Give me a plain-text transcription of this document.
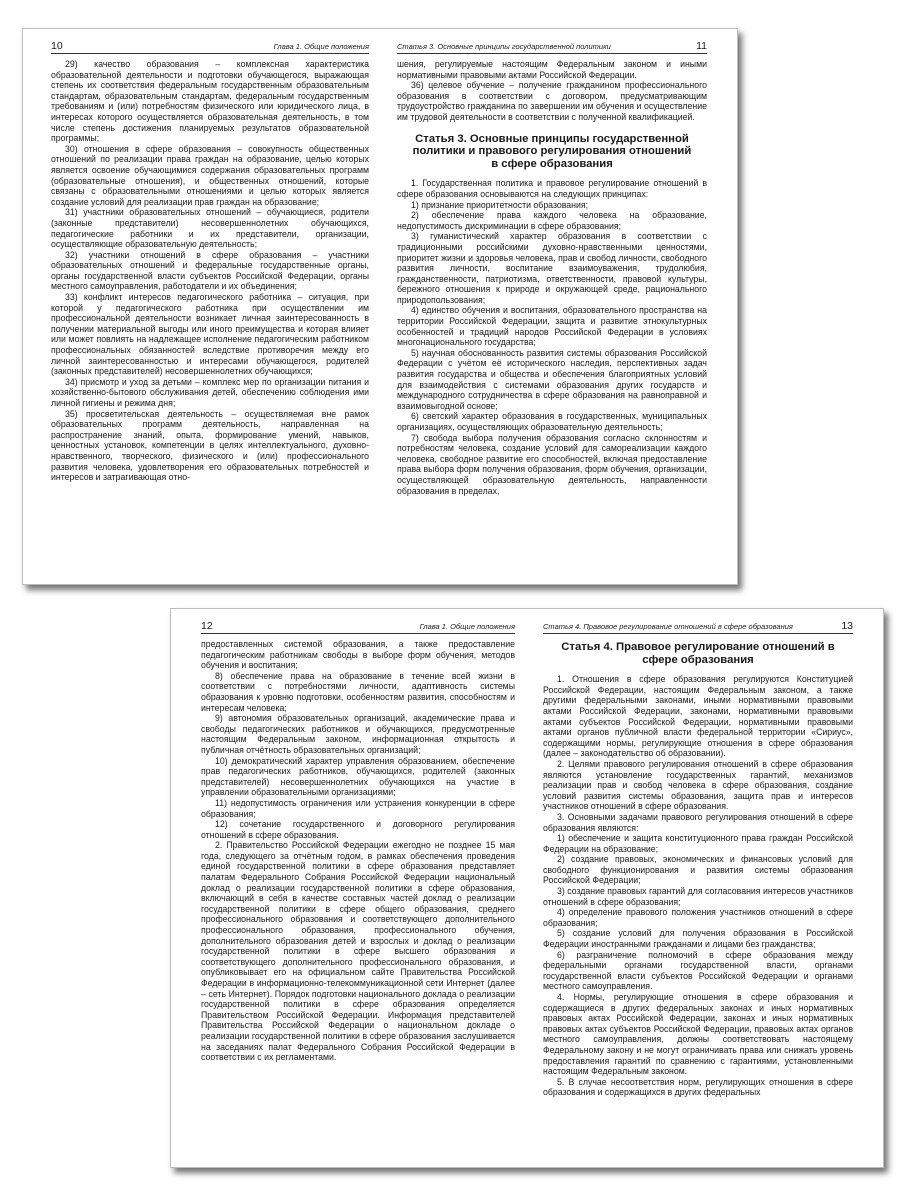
10	Глава 1. Общие положения

29) качество образования – комплексная характеристика образовательной деятельности и подготовки обучающегося, выражающая степень их соответствия федеральным государственным образовательным стандартам, образовательным стандартам, федеральным государственным требованиям и (или) потребностям физического или юридического лица, в интересах которого осуществляется образовательная деятельность, в том числе степень достижения планируемых результатов образовательной программы;

30) отношения в сфере образования – совокупность общественных отношений по реализации права граждан на образование, целью которых является освоение обучающимися содержания образовательных программ (образовательные отношения), и общественных отношений, которые связаны с образовательными отношениями и целью которых является создание условий для реализации прав граждан на образование;

31) участники образовательных отношений – обучающиеся, родители (законные представители) несовершеннолетних обучающихся, педагогические работники и их представители, организации, осуществляющие образовательную деятельность;

32) участники отношений в сфере образования – участники образовательных отношений и федеральные государственные органы, органы государственной власти субъектов Российской Федерации, органы местного самоуправления, работодатели и их объединения;

33) конфликт интересов педагогического работника – ситуация, при которой у педагогического работника при осуществлении им профессиональной деятельности возникает личная заинтересованность в получении материальной выгоды или иного преимущества и которая влияет или может повлиять на надлежащее исполнение педагогическим работником профессиональных обязанностей вследствие противоречия между его личной заинтересованностью и интересами обучающегося, родителей (законных представителей) несовершеннолетних обучающихся;

34) присмотр и уход за детьми – комплекс мер по организации питания и хозяйственно-бытового обслуживания детей, обеспечению соблюдения ими личной гигиены и режима дня;

35) просветительская деятельность – осуществляемая вне рамок образовательных программ деятельность, направленная на распространение знаний, опыта, формирование умений, навыков, ценностных установок, компетенции в целях интеллектуального, духовно-нравственного, творческого, физического и (или) профессионального развития человека, удовлетворения его образовательных потребностей и интересов и затрагивающая отно-

11
Статья 3. Основные принципы государственной политики

шения, регулируемые настоящим Федеральным законом и иными нормативными правовыми актами Российской Федерации.

36) целевое обучение – получение гражданином профессионального образования в соответствии с договором, предусматривающим трудоустройство гражданина по завершении им обучения и осуществление им трудовой деятельности в соответствии с полученной квалификацией.

Статья 3. Основные принципы государственной политики и правового регулирования отношений в сфере образования

1. Государственная политика и правовое регулирование отношений в сфере образования основываются на следующих принципах:

1) признание приоритетности образования;

2) обеспечение права каждого человека на образование, недопустимость дискриминации в сфере образования;

3) гуманистический характер образования в соответствии с традиционными российскими духовно-нравственными ценностями, приоритет жизни и здоровья человека, прав и свобод личности, свободного развития личности, воспитание взаимоуважения, трудолюбия, гражданственности, патриотизма, ответственности, правовой культуры, бережного отношения к природе и окружающей среде, рационального природопользования;

4) единство обучения и воспитания, образовательного пространства на территории Российской Федерации, защита и развитие этнокультурных особенностей и традиций народов Российской Федерации в условиях многонационального государства;

5) научная обоснованность развития системы образования Российской Федерации с учётом её исторического наследия, перспективных задач развития государства и общества и обеспечения благоприятных условий для взаимодействия с системами образования других государств и международного сотрудничества в сфере образования на равноправной и взаимовыгодной основе;

6) светский характер образования в государственных, муниципальных организациях, осуществляющих образовательную деятельность;

7) свобода выбора получения образования согласно склонностям и потребностям человека, создание условий для самореализации каждого человека, свободное развитие его способностей, включая предоставление права выбора форм получения образования, форм обучения, организации, осуществляющей образовательную деятельность, направленности образования в пределах,

12	Глава 1. Общие положения

предоставленных системой образования, а также предоставление педагогическим работникам свободы в выборе форм обучения, методов обучения и воспитания;

8) обеспечение права на образование в течение всей жизни в соответствии с потребностями личности, адаптивность системы образования к уровню подготовки, особенностям развития, способностям и интересам человека;

9) автономия образовательных организаций, академические права и свободы педагогических работников и обучающихся, предусмотренные настоящим Федеральным законом, информационная открытость и публичная отчётность образовательных организаций;

10) демократический характер управления образованием, обеспечение прав педагогических работников, обучающихся, родителей (законных представителей) несовершеннолетних обучающихся на участие в управлении образовательными организациями;

11) недопустимость ограничения или устранения конкуренции в сфере образования;

12) сочетание государственного и договорного регулирования отношений в сфере образования.

2. Правительство Российской Федерации ежегодно не позднее 15 мая года, следующего за отчётным годом, в рамках обеспечения проведения единой государственной политики в сфере образования представляет палатам Федерального Собрания Российской Федерации национальный доклад о реализации государственной политики в сфере образования, включающий в себя в качестве составных частей доклад о реализации государственной политики в сфере общего образования, среднего профессионального образования и соответствующего дополнительного профессионального образования, профессионального обучения, дополнительного образования детей и взрослых и доклад о реализации государственной политики в сфере высшего образования и соответствующего дополнительного профессионального образования, и опубликовывает его на официальном сайте Правительства Российской Федерации в информационно-телекоммуникационной сети Интернет (далее – сеть Интернет). Порядок подготовки национального доклада о реализации государственной политики в сфере образования определяется Правительством Российской Федерации. Информация представителей Правительства Российской Федерации о национальном докладе о реализации государственной политики в сфере образования заслушивается на заседаниях палат Федерального Собрания Российской Федерации в соответствии с их регламентами.

13
Статья 4. Правовое регулирование отношений в сфере образования
Статья 4. Правовое регулирование отношений в сфере образования

1. Отношения в сфере образования регулируются Конституцией Российской Федерации, настоящим Федеральным законом, а также другими федеральными законами, иными нормативными правовыми актами Российской Федерации, законами, нормативными правовыми актами субъектов Российской Федерации, нормативными правовыми актами органов публичной власти федеральной территории «Сириус», содержащими нормы, регулирующие отношения в сфере образования (далее – законодательство об образовании).

2. Целями правового регулирования отношений в сфере образования являются установление государственных гарантий, механизмов реализации прав и свобод человека в сфере образования, создание условий развития системы образования, защита прав и интересов участников отношений в сфере образования.

3. Основными задачами правового регулирования отношений в сфере образования являются:

1) обеспечение и защита конституционного права граждан Российской Федерации на образование;

2) создание правовых, экономических и финансовых условий для свободного функционирования и развития системы образования Российской Федерации;

3) создание правовых гарантий для согласования интересов участников отношений в сфере образования;

4) определение правового положения участников отношений в сфере образования;

5) создание условий для получения образования в Российской Федерации иностранными гражданами и лицами без гражданства;

6) разграничение полномочий в сфере образования между федеральными органами государственной власти, органами государственной власти субъектов Российской Федерации и органами местного самоуправления.

4. Нормы, регулирующие отношения в сфере образования и содержащиеся в других федеральных законах и иных нормативных правовых актах Российской Федерации, законах и иных нормативных правовых актах субъектов Российской Федерации, правовых актах органов местного самоуправления, должны соответствовать настоящему Федеральному закону и не могут ограничивать права или снижать уровень предоставления гарантий по сравнению с гарантиями, установленными настоящим Федеральным законом.

5. В случае несоответствия норм, регулирующих отношения в сфере образования и содержащихся в других федеральных
